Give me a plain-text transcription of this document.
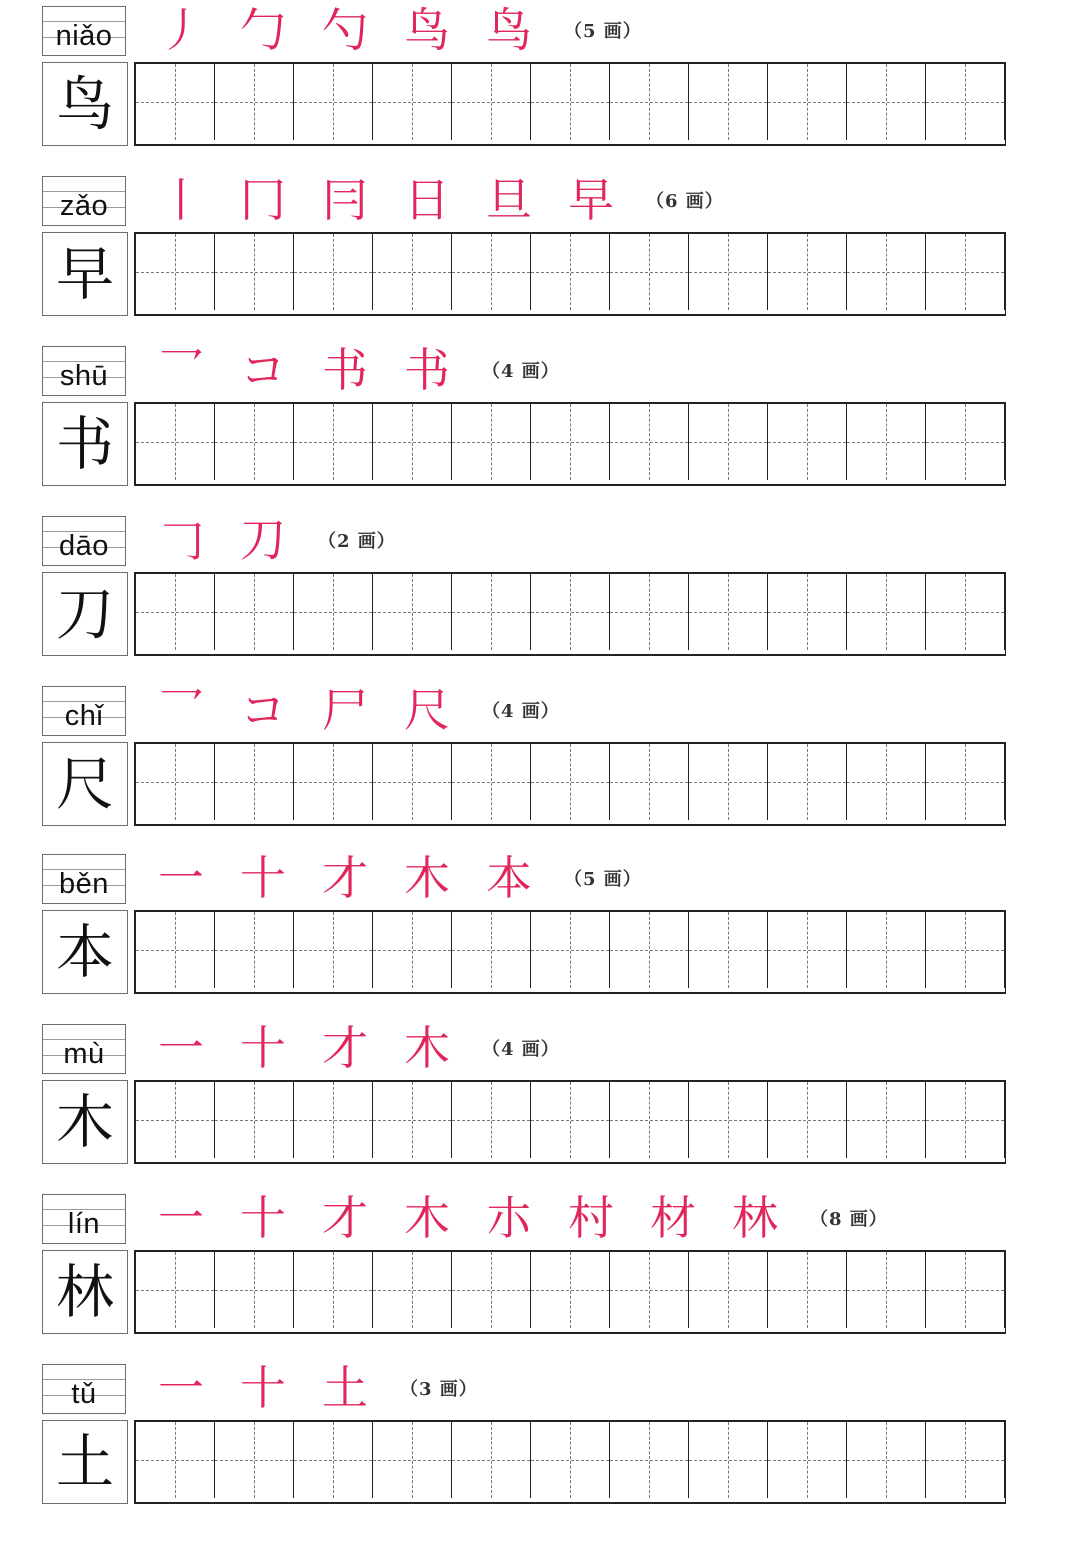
niǎo 丿 勹 勺 鸟 鸟	（5 画）
鸟
zǎo	丨 冂 冃 日 旦 早	（6 画）
早
shū	乛 コ 书 书	（4 画）
书
dāo	𠃌 刀	（2 画）
刀
chǐ	乛 コ 尸 尺	（4 画）
尺
běn	一 十 才 木 本	（5 画）
本
mù	一 十 才 木	（4 画）
木
lín	一 十 才 木 朩 村 材 林	（8 画）
林
tǔ	一 十 土	（3 画）
土
